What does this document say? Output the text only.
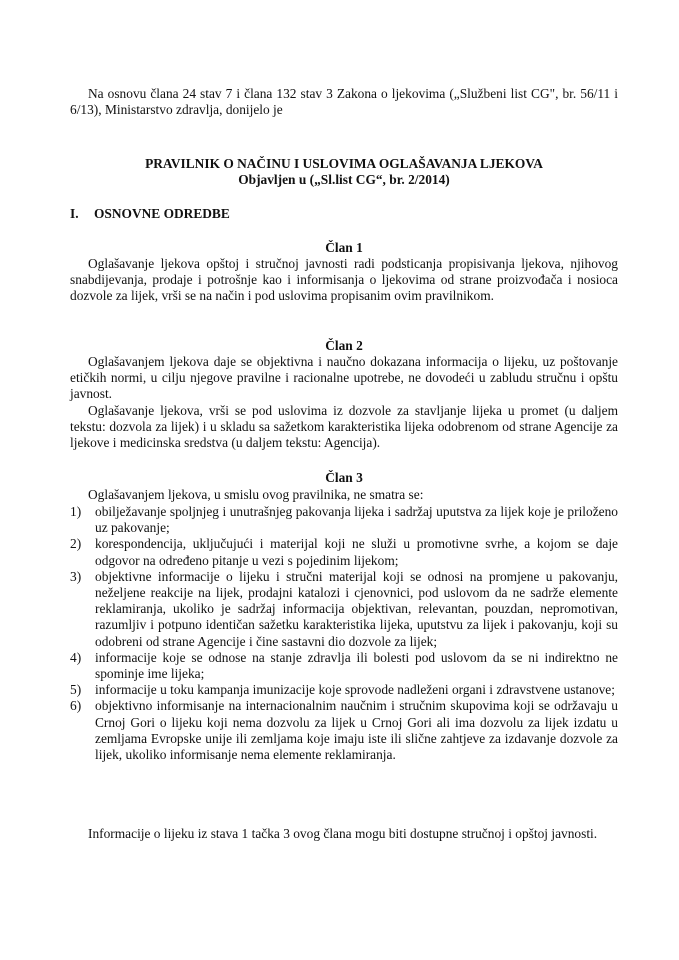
Na osnovu člana 24 stav 7 i člana 132 stav 3 Zakona o ljekovima („Službeni list CG", br. 56/11 i 6/13), Ministarstvo zdravlja, donijelo je

PRAVILNIK O NAČINU I USLOVIMA OGLAŠAVANJA LJEKOVA
Objavljen u („Sl.list CG“, br. 2/2014)
I. OSNOVNE ODREDBE
Član 1

Oglašavanje ljekova opštoj i stručnoj javnosti radi podsticanja propisivanja ljekova, njihovog snabdijevanja, prodaje i potrošnje kao i informisanja o ljekovima od strane proizvođača i nosioca dozvole za lijek, vrši se na način i pod uslovima propisanim ovim pravilnikom.

Član 2

Oglašavanjem ljekova daje se objektivna i naučno dokazana informacija o lijeku, uz poštovanje etičkih normi, u cilju njegove pravilne i racionalne upotrebe, ne dovodeći u zabludu stručnu i opštu javnost.

Oglašavanje ljekova, vrši se pod uslovima iz dozvole za stavljanje lijeka u promet (u daljem tekstu: dozvola za lijek) i u skladu sa sažetkom karakteristika lijeka odobrenom od strane Agencije za ljekove i medicinska sredstva (u daljem tekstu: Agencija).

Član 3

Oglašavanjem ljekova, u smislu ovog pravilnika, ne smatra se:

1) obilježavanje spoljnjeg i unutrašnjeg pakovanja lijeka i sadržaj uputstva za lijek koje je priloženo uz pakovanje;
2) korespondencija, uključujući i materijal koji ne služi u promotivne svrhe, a kojom se daje odgovor na određeno pitanje u vezi s pojedinim lijekom;
3) objektivne informacije o lijeku i stručni materijal koji se odnosi na promjene u pakovanju, neželjene reakcije na lijek, prodajni katalozi i cjenovnici, pod uslovom da ne sadrže elemente reklamiranja, ukoliko je sadržaj informacija objektivan, relevantan, pouzdan, nepromotivan, razumljiv i potpuno identičan sažetku karakteristika lijeka, uputstvu za lijek i pakovanju, koji su odobreni od strane Agencije i čine sastavni dio dozvole za lijek;
4) informacije koje se odnose na stanje zdravlja ili bolesti pod uslovom da se ni indirektno ne spominje ime lijeka;
5) informacije u toku kampanja imunizacije koje sprovode nadleženi organi i zdravstvene ustanove;
6) objektivno informisanje na internacionalnim naučnim i stručnim skupovima koji se održavaju u Crnoj Gori o lijeku koji nema dozvolu za lijek u Crnoj Gori ali ima dozvolu za lijek izdatu u zemljama Evropske unije ili zemljama koje imaju iste ili slične zahtjeve za izdavanje dozvole za lijek, ukoliko informisanje nema elemente reklamiranja.

Informacije o lijeku iz stava 1 tačka 3 ovog člana mogu biti dostupne stručnoj i opštoj javnosti.
